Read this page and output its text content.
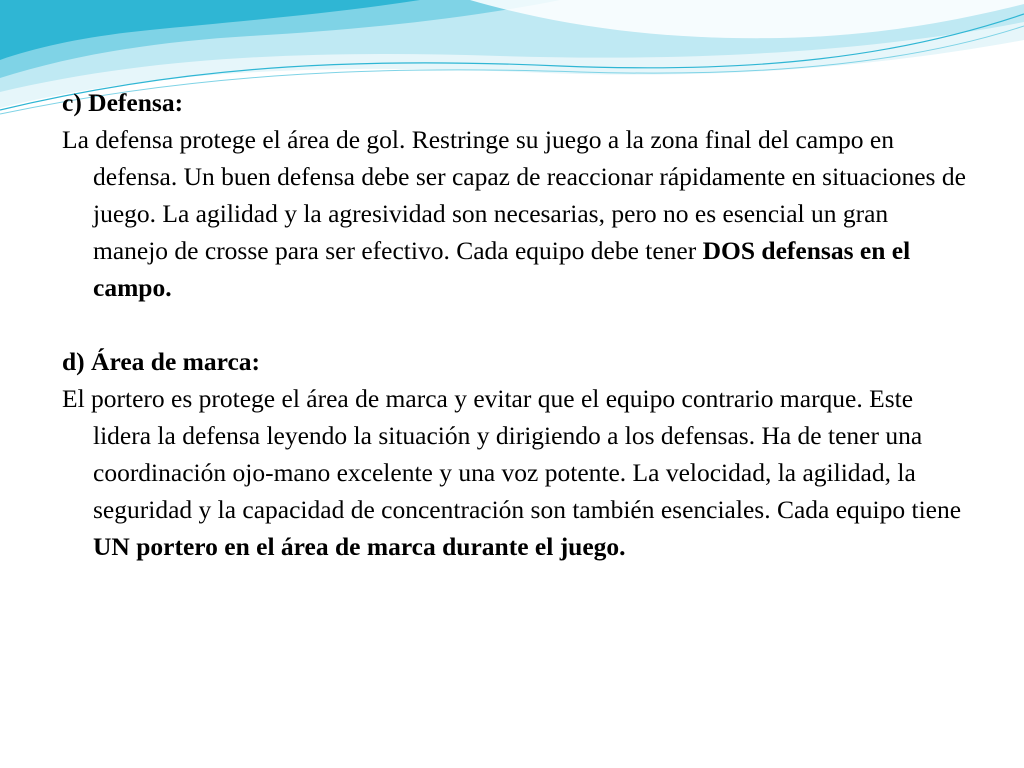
c) Defensa:

La defensa protege el área de gol. Restringe su juego a la zona final del campo en defensa. Un buen defensa debe ser capaz de reaccionar rápidamente en situaciones de juego. La agilidad y la agresividad son necesarias, pero no es esencial un gran manejo de crosse para ser efectivo. Cada equipo debe tener DOS defensas en el campo.

d) Área de marca:

El portero es protege el área de marca y evitar que el equipo contrario marque. Este lidera la defensa leyendo la situación y dirigiendo a los defensas. Ha de tener una coordinación ojo-mano excelente y una voz potente. La velocidad, la agilidad, la seguridad y la capacidad de concentración son también esenciales. Cada equipo tiene UN portero en el área de marca durante el juego.
